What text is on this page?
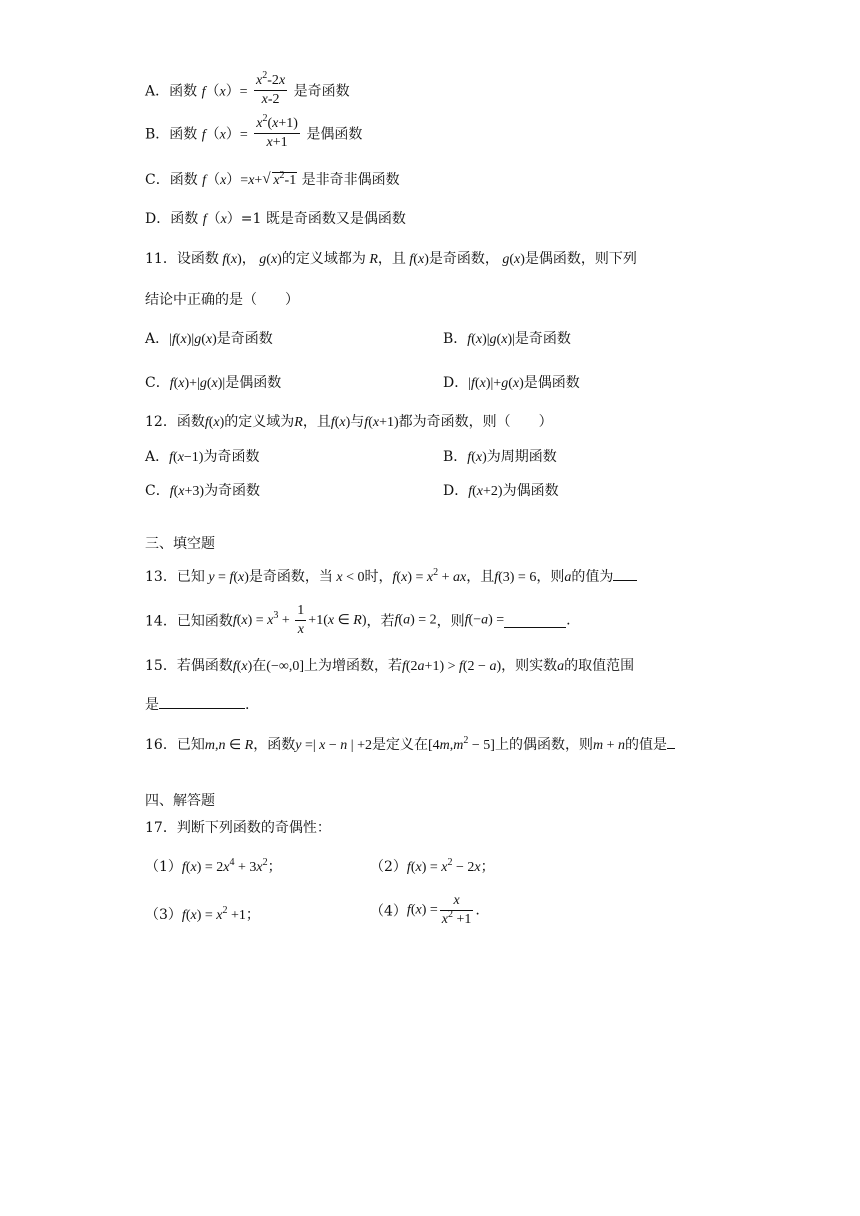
A．函数 $f(x)= \frac{x^2-2x}{x-2}$ 是奇函数
B．函数 $f(x)= \frac{x^2(x+1)}{x+1}$ 是偶函数
C．函数 f（x）=x+√ $x^2-1$ 是非奇非偶函数
D．函数 f（x）=1 既是奇函数又是偶函数
11．设函数 f(x)， g(x)的定义域都为 R，且 f(x)是奇函数， g(x)是偶函数，则下列
结论中正确的是（　　）
A．|f(x)|g(x)是奇函数	B．f(x)|g(x)|是奇函数
C．f(x)+|g(x)|是偶函数	D．|f(x)|+g(x)是偶函数
12．函数f(x)的定义域为R，且f(x)与f(x+1)都为奇函数，则（　　）
A．f(x−1)为奇函数	B．f(x)为周期函数
C．f(x+3)为奇函数	D．f(x+2)为偶函数
三、填空题
13．已知 y = f(x)是奇函数，当 x < 0时，$f(x) = x^2$ + ax，且f(3) = 6，则a的值为
14．已知函数$f(x) = x^3 + \frac{1}{x} +1(x$ ∈ R)，若f(a) = 2，则f(−a) =	.
15．若偶函数f(x)在(−∞,0]上为增函数，若f(2a+1) > f(2 − a)，则实数a的取值范围
是	.
16．已知m,n ∈ R，函数y =| x − n | +2是定义在$[4m,m^2 - 5]$上的偶函数，则m + n的值是
四、解答题
17．判断下列函数的奇偶性：
$(1)f(x) = 2x^4 + 3x^2$；	$(2)f(x) = x^2 - 2x$；
$(3)f(x) = x^2 +1$；	$(4)f(x) = \frac{x}{x^2 +1}$ .
